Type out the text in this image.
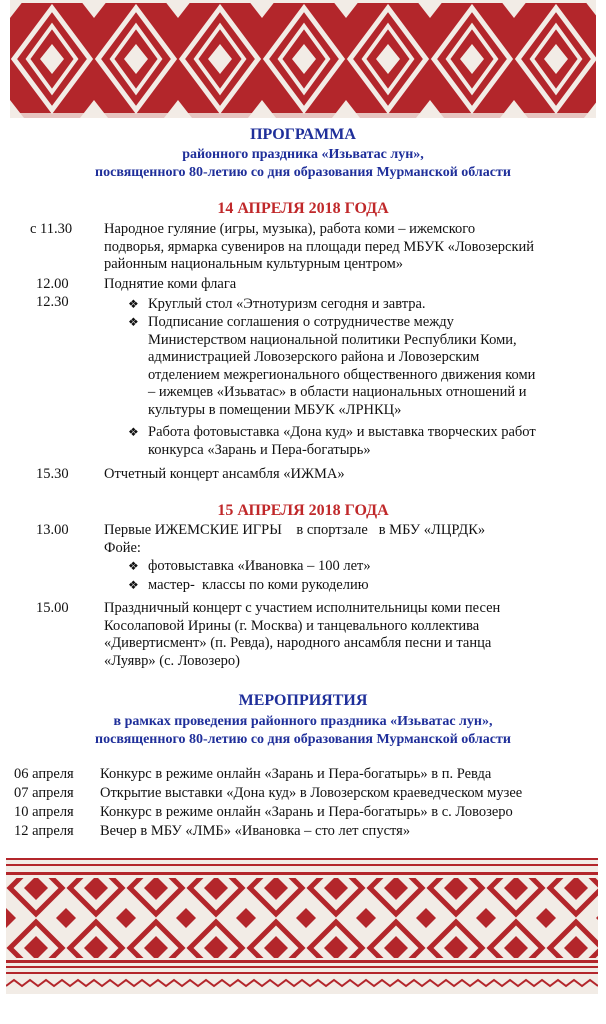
ПРОГРАММА
районного праздника «Изьватас лун»,
посвященного 80-летию со дня образования Мурманской области
14 АПРЕЛЯ 2018 ГОДА
с 11.30 Народное гуляние (игры, музыка), работа коми – ижемского
подворья, ярмарка сувениров на площади перед МБУК «Ловозерский
районным национальным культурным центром»
12.00 Поднятие коми флага
12.30	❖ Круглый стол «Этнотуризм сегодня и завтра.
❖ Подписание соглашения о сотрудничестве между
Министерством национальной политики Республики Коми,
администрацией Ловозерского района и Ловозерским
отделением межрегионального общественного движения коми
– ижемцев «Изьватас» в области национальных отношений и
культуры в помещении МБУК «ЛРНКЦ»
❖ Работа фотовыставка «Дона куд» и выставка творческих работ
конкурса «Зарань и Пера-богатырь»
15.30 Отчетный концерт ансамбля «ИЖМА»
15 АПРЕЛЯ 2018 ГОДА
13.00 Первые ИЖЕМСКИЕ ИГРЫ    в спортзале   в МБУ «ЛЦРДК»
Фойе:
❖ фотовыставка «Ивановка – 100 лет»
❖ мастер-  классы по коми рукоделию
15.00 Праздничный концерт с участием исполнительницы коми песен
Косолаповой Ирины (г. Москва) и танцевального коллектива
«Дивертисмент» (п. Ревда), народного ансамбля песни и танца
«Луявр» (с. Ловозеро)
МЕРОПРИЯТИЯ
в рамках проведения районного праздника «Изьватас лун»,
посвященного 80-летию со дня образования Мурманской области
06 апреля Конкурс в режиме онлайн «Зарань и Пера-богатырь» в п. Ревда
07 апреля Открытие выставки «Дона куд» в Ловозерском краеведческом музее
10 апреля Конкурс в режиме онлайн «Зарань и Пера-богатырь» в с. Ловозеро
12 апреля Вечер в МБУ «ЛМБ» «Ивановка – сто лет спустя»
